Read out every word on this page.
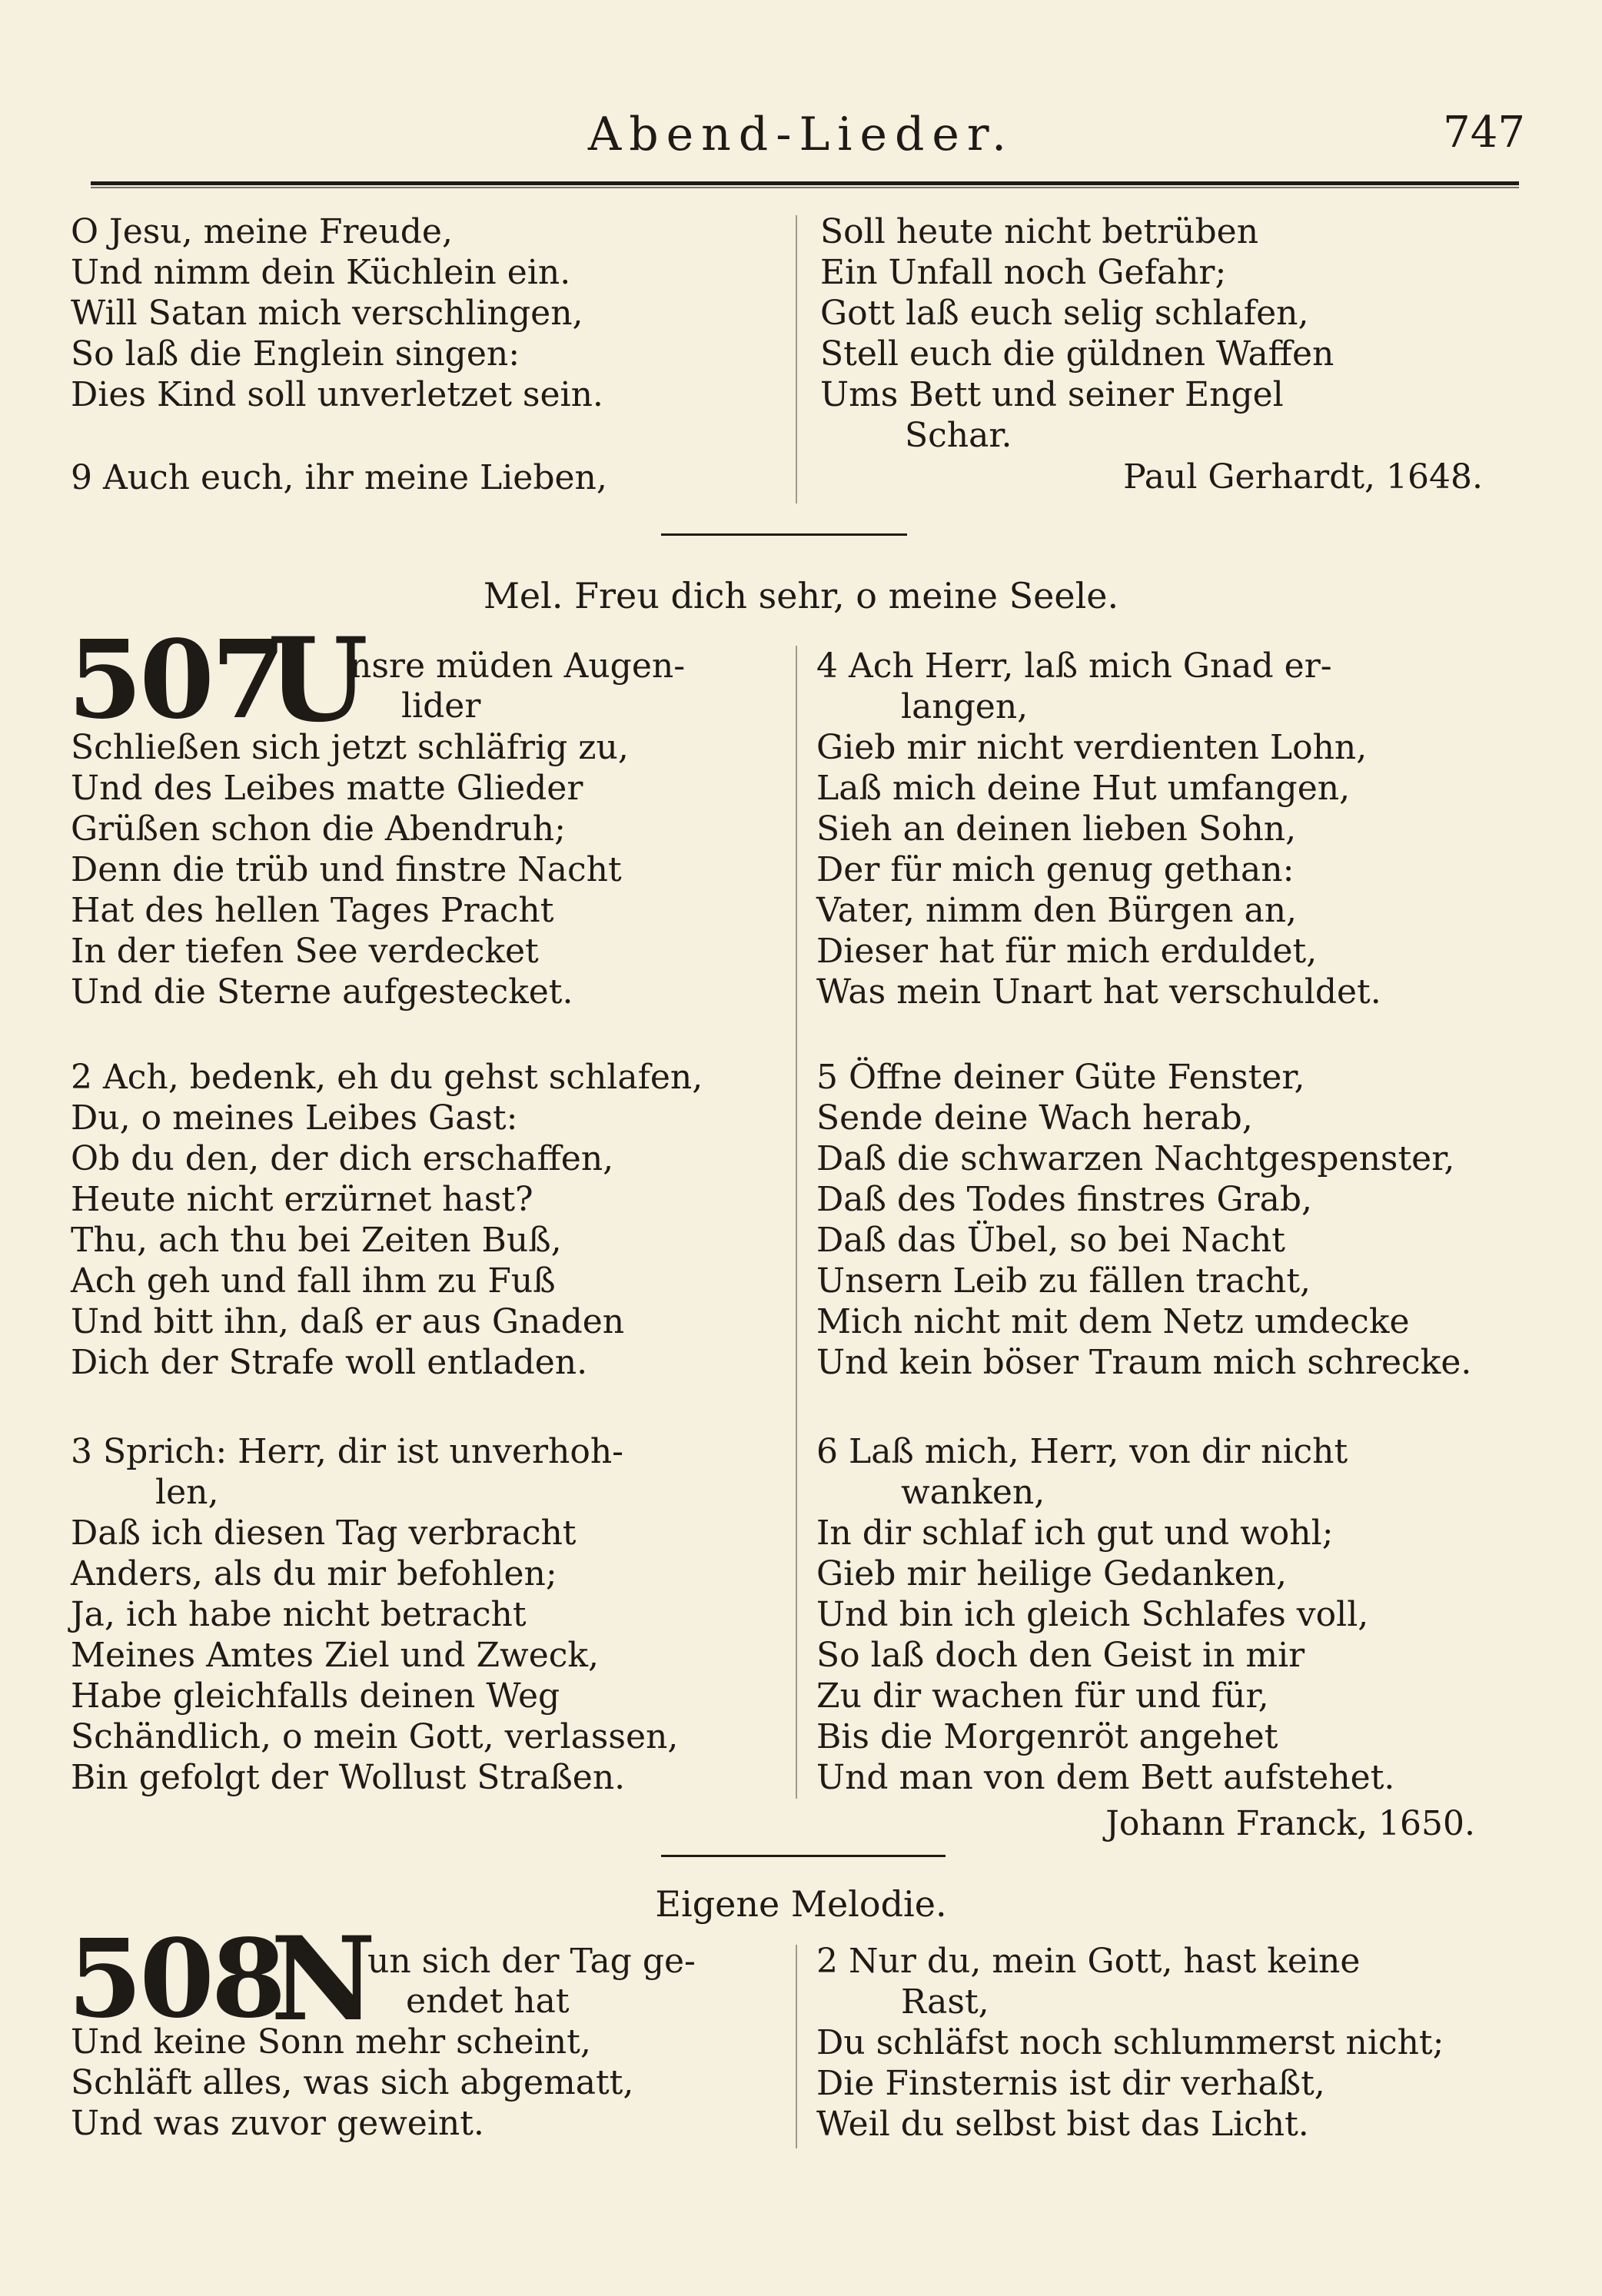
Abend-Lieder.	747
O Jesu, meine Freude,
Und nimm dein Küchlein ein.
Will Satan mich verschlingen,
So laß die Englein singen:
Dies Kind soll unverletzet sein.
9 Auch euch, ihr meine Lieben,
Soll heute nicht betrüben
Ein Unfall noch Gefahr;
Gott laß euch selig schlafen,
Stell euch die güldnen Waffen
Ums Bett und seiner Engel
Schar.
Paul Gerhardt, 1648.
Mel. Freu dich sehr, o meine Seele.
507
U
nsre müden Augen-
lider
Schließen sich jetzt schläfrig zu,
Und des Leibes matte Glieder
Grüßen schon die Abendruh;
Denn die trüb und finstre Nacht
Hat des hellen Tages Pracht
In der tiefen See verdecket
Und die Sterne aufgestecket.
2 Ach, bedenk, eh du gehst schlafen,
Du, o meines Leibes Gast:
Ob du den, der dich erschaffen,
Heute nicht erzürnet hast?
Thu, ach thu bei Zeiten Buß,
Ach geh und fall ihm zu Fuß
Und bitt ihn, daß er aus Gnaden
Dich der Strafe woll entladen.
3 Sprich: Herr, dir ist unverhoh-
len,
Daß ich diesen Tag verbracht
Anders, als du mir befohlen;
Ja, ich habe nicht betracht
Meines Amtes Ziel und Zweck,
Habe gleichfalls deinen Weg
Schändlich, o mein Gott, verlassen,
Bin gefolgt der Wollust Straßen.
4 Ach Herr, laß mich Gnad er-
langen,
Gieb mir nicht verdienten Lohn,
Laß mich deine Hut umfangen,
Sieh an deinen lieben Sohn,
Der für mich genug gethan:
Vater, nimm den Bürgen an,
Dieser hat für mich erduldet,
Was mein Unart hat verschuldet.
5 Öffne deiner Güte Fenster,
Sende deine Wach herab,
Daß die schwarzen Nachtgespenster,
Daß des Todes finstres Grab,
Daß das Übel, so bei Nacht
Unsern Leib zu fällen tracht,
Mich nicht mit dem Netz umdecke
Und kein böser Traum mich schrecke.
6 Laß mich, Herr, von dir nicht
wanken,
In dir schlaf ich gut und wohl;
Gieb mir heilige Gedanken,
Und bin ich gleich Schlafes voll,
So laß doch den Geist in mir
Zu dir wachen für und für,
Bis die Morgenröt angehet
Und man von dem Bett aufstehet.
Johann Franck, 1650.
Eigene Melodie.
508
N
un sich der Tag ge-
endet hat
Und keine Sonn mehr scheint,
Schläft alles, was sich abgematt,
Und was zuvor geweint.
2 Nur du, mein Gott, hast keine
Rast,
Du schläfst noch schlummerst nicht;
Die Finsternis ist dir verhaßt,
Weil du selbst bist das Licht.
